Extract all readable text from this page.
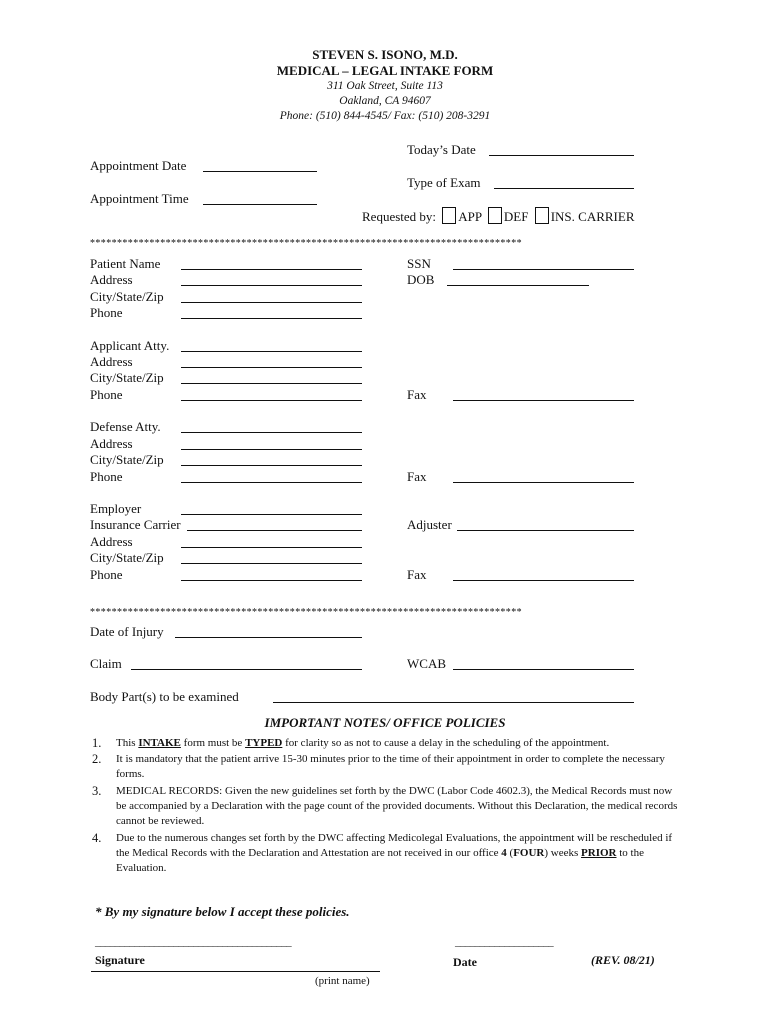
STEVEN S. ISONO, M.D.
MEDICAL – LEGAL INTAKE FORM
311 Oak Street, Suite 113
Oakland, CA 94607
Phone: (510) 844-4545/ Fax: (510) 208-3291
Today’s Date
Appointment Date
Type of Exam
Appointment Time
Requested by: APP DEF INS. CARRIER
********************************************************************************
Patient Name	SSN
Address	DOB
City/State/Zip
Phone
Applicant Atty.
Address
City/State/Zip
Phone	Fax
Defense Atty.
Address
City/State/Zip
Phone	Fax
Employer
Insurance Carrier	Adjuster
Address
City/State/Zip
Phone	Fax
********************************************************************************
Date of Injury
Claim	WCAB
Body Part(s) to be examined
IMPORTANT NOTES/ OFFICE POLICIES
1. This INTAKE form must be TYPED for clarity so as not to cause a delay in the scheduling of the appointment.
2. It is mandatory that the patient arrive 15-30 minutes prior to the time of their appointment in order to complete the necessary forms.
3. MEDICAL RECORDS: Given the new guidelines set forth by the DWC (Labor Code 4602.3), the Medical Records must now be accompanied by a Declaration with the page count of the provided documents. Without this Declaration, the medical records cannot be reviewed.
4. Due to the numerous changes set forth by the DWC affecting Medicolegal Evaluations, the appointment will be rescheduled if the Medical Records with the Declaration and Attestation are not received in our office 4 (FOUR) weeks PRIOR to the Evaluation.
* By my signature below I accept these policies.
________________________________________	____________________
Signature	Date	(REV. 08/21)
(print name)
